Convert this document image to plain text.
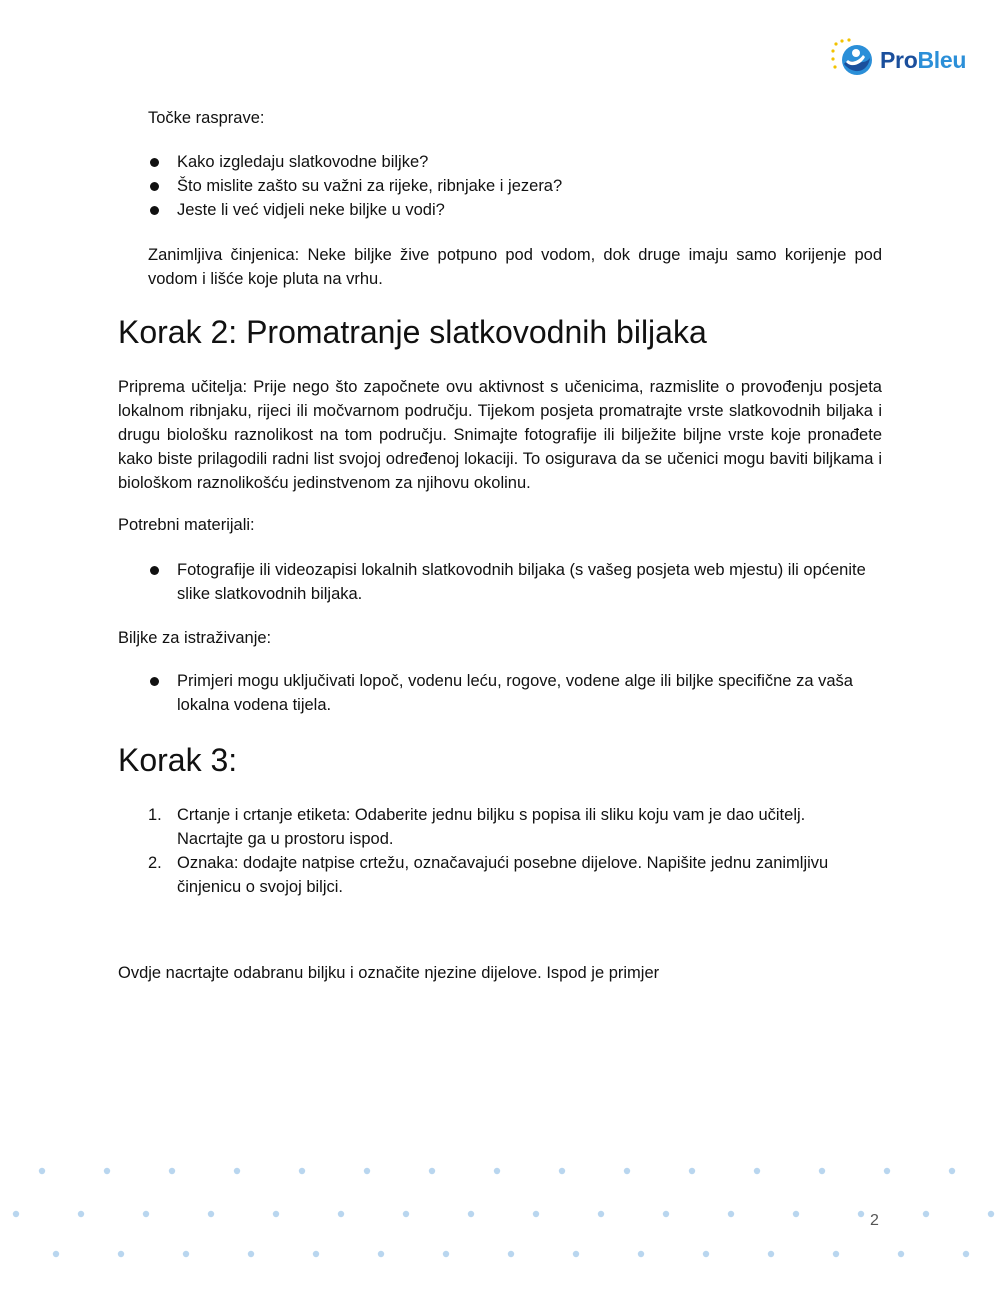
ProBleu

Točke rasprave:

Kako izgledaju slatkovodne biljke?
Što mislite zašto su važni za rijeke, ribnjake i jezera?
Jeste li već vidjeli neke biljke u vodi?

Zanimljiva činjenica: Neke biljke žive potpuno pod vodom, dok druge imaju samo korijenje pod vodom i lišće koje pluta na vrhu.

Korak 2: Promatranje slatkovodnih biljaka

Priprema učitelja: Prije nego što započnete ovu aktivnost s učenicima, razmislite o provođenju posjeta lokalnom ribnjaku, rijeci ili močvarnom području. Tijekom posjeta promatrajte vrste slatkovodnih biljaka i drugu biološku raznolikost na tom području. Snimajte fotografije ili bilježite biljne vrste koje pronađete kako biste prilagodili radni list svojoj određenoj lokaciji. To osigurava da se učenici mogu baviti biljkama i biološkom raznolikošću jedinstvenom za njihovu okolinu.

Potrebni materijali:

Fotografije ili videozapisi lokalnih slatkovodnih biljaka (s vašeg posjeta web mjestu) ili općenite slike slatkovodnih biljaka.

Biljke za istraživanje:

Primjeri mogu uključivati lopoč, vodenu leću, rogove, vodene alge ili biljke specifične za vaša lokalna vodena tijela.
Korak 3:
1. Crtanje i crtanje etiketa: Odaberite jednu biljku s popisa ili sliku koju vam je dao učitelj. Nacrtajte ga u prostoru ispod.
2. Oznaka: dodajte natpise crtežu, označavajući posebne dijelove. Napišite jednu zanimljivu činjenicu o svojoj biljci.

Ovdje nacrtajte odabranu biljku i označite njezine dijelove. Ispod je primjer

2
